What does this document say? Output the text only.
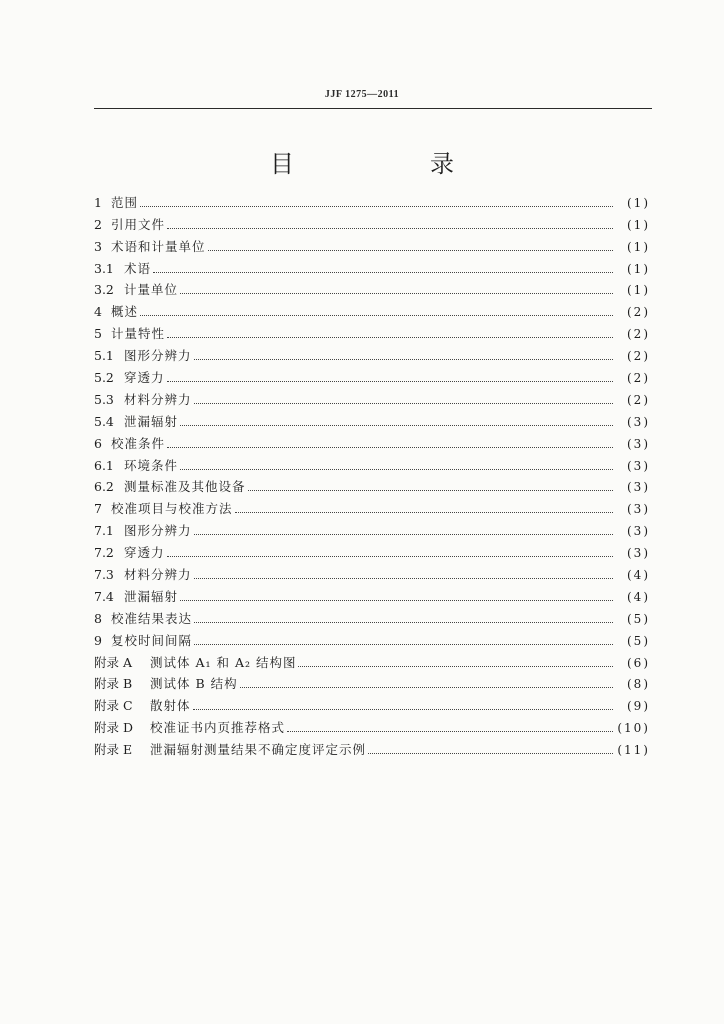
JJF 1275—2011
目　录
1 范围	(1)
2 引用文件	(1)
3 术语和计量单位	(1)
3.1 术语	(1)
3.2 计量单位	(1)
4 概述	(2)
5 计量特性	(2)
5.1 图形分辨力	(2)
5.2 穿透力	(2)
5.3 材料分辨力	(2)
5.4 泄漏辐射	(3)
6 校准条件	(3)
6.1 环境条件	(3)
6.2 测量标准及其他设备	(3)
7 校准项目与校准方法	(3)
7.1 图形分辨力	(3)
7.2 穿透力	(3)
7.3 材料分辨力	(4)
7.4 泄漏辐射	(4)
8 校准结果表达	(5)
9 复校时间间隔	(5)
附录 A	测试体 A₁ 和 A₂ 结构图	(6)
附录 B	测试体 B 结构	(8)
附录 C	散射体	(9)
附录 D	校准证书内页推荐格式	(10)
附录 E	泄漏辐射测量结果不确定度评定示例	(11)
